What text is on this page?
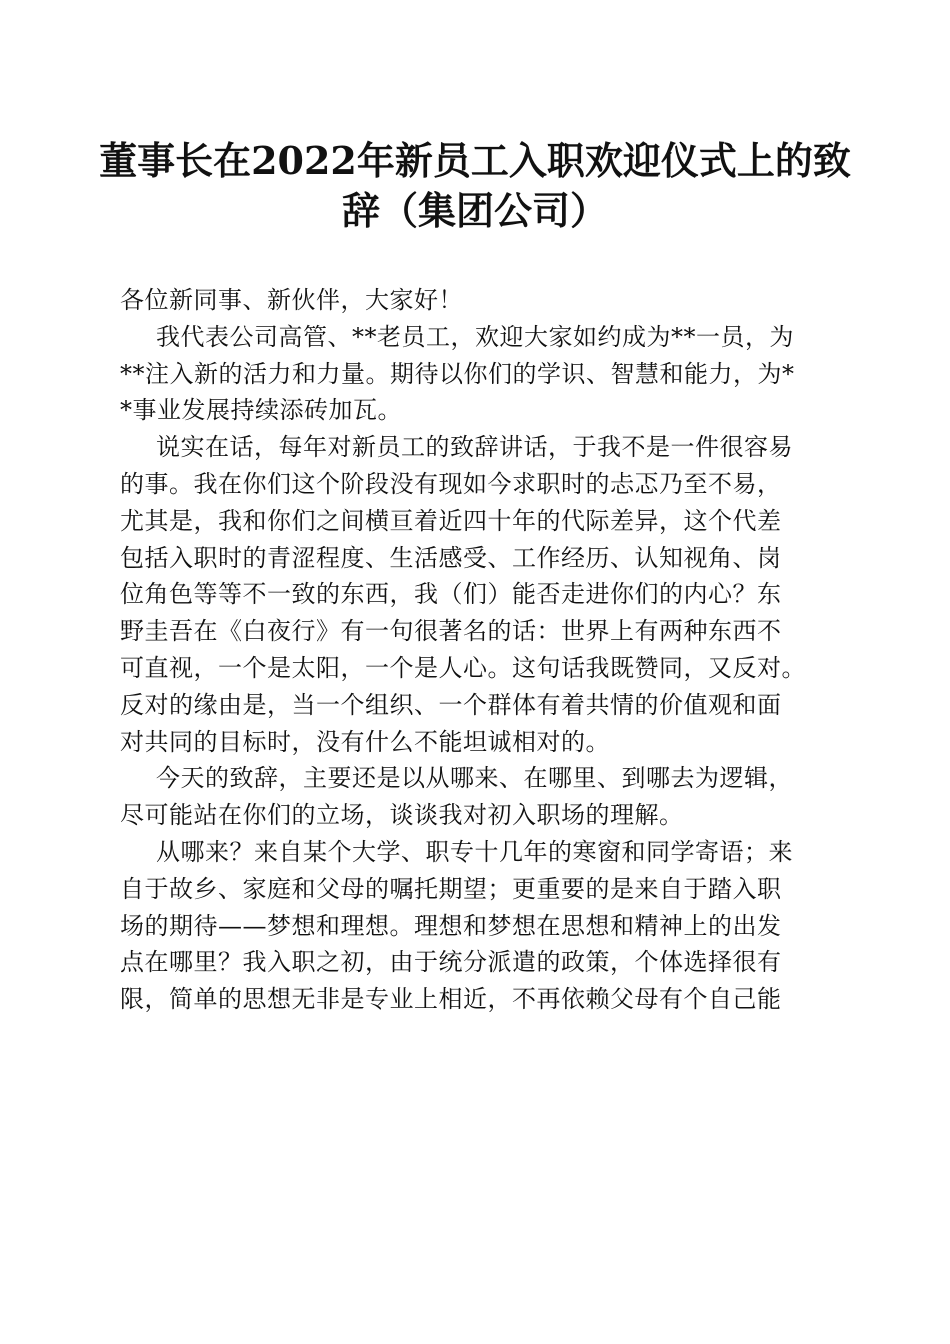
董事长在2022年新员工入职欢迎仪式上的致
辞（集团公司）
各位新同事、新伙伴，大家好！
我代表公司高管、**老员工，欢迎大家如约成为**一员，为
**注入新的活力和力量。期待以你们的学识、智慧和能力，为*
*事业发展持续添砖加瓦。
说实在话，每年对新员工的致辞讲话，于我不是一件很容易
的事。我在你们这个阶段没有现如今求职时的忐忑乃至不易，
尤其是，我和你们之间横亘着近四十年的代际差异，这个代差
包括入职时的青涩程度、生活感受、工作经历、认知视角、岗
位角色等等不一致的东西，我（们）能否走进你们的内心？东
野圭吾在《白夜行》有一句很著名的话：世界上有两种东西不
可直视，一个是太阳，一个是人心。这句话我既赞同，又反对。
反对的缘由是，当一个组织、一个群体有着共情的价值观和面
对共同的目标时，没有什么不能坦诚相对的。
今天的致辞，主要还是以从哪来、在哪里、到哪去为逻辑，
尽可能站在你们的立场，谈谈我对初入职场的理解。
从哪来？来自某个大学、职专十几年的寒窗和同学寄语；来
自于故乡、家庭和父母的嘱托期望；更重要的是来自于踏入职
场的期待——梦想和理想。理想和梦想在思想和精神上的出发
点在哪里？我入职之初，由于统分派遣的政策，个体选择很有
限，简单的思想无非是专业上相近，不再依赖父母有个自己能
